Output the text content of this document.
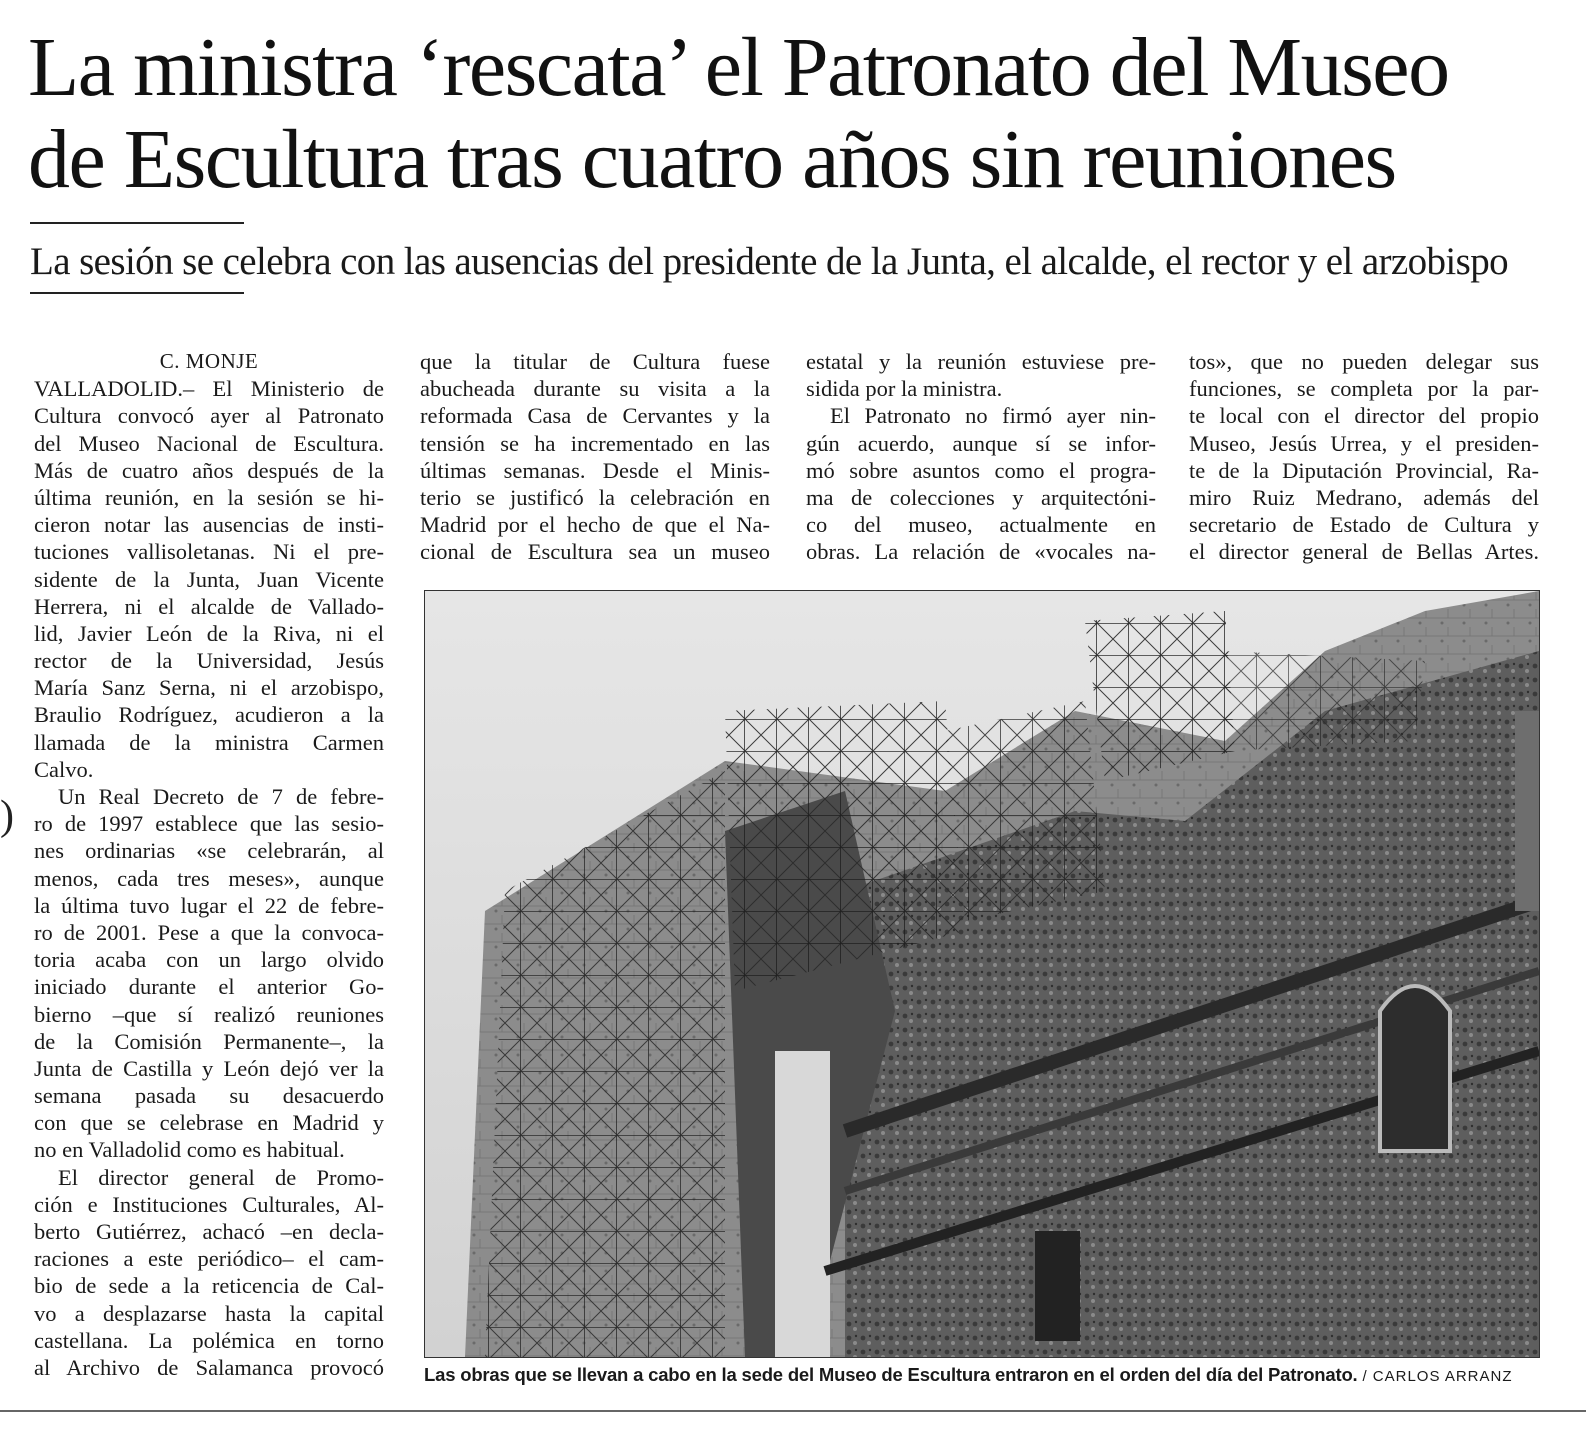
La ministra ‘rescata’ el Patronato del Museo
de Escultura tras cuatro años sin reuniones
La sesión se celebra con las ausencias del presidente de la Junta, el alcalde, el rector y el arzobispo
)
C. MONJE
VALLADOLID.– El Ministerio de
Cultura convocó ayer al Patronato
del Museo Nacional de Escultura.
Más de cuatro años después de la
última reunión, en la sesión se hi-
cieron notar las ausencias de insti-
tuciones vallisoletanas. Ni el pre-
sidente de la Junta, Juan Vicente
Herrera, ni el alcalde de Vallado-
lid, Javier León de la Riva, ni el
rector de la Universidad, Jesús
María Sanz Serna, ni el arzobispo,
Braulio Rodríguez, acudieron a la
llamada de la ministra Carmen
Calvo.
Un Real Decreto de 7 de febre-
ro de 1997 establece que las sesio-
nes ordinarias «se celebrarán, al
menos, cada tres meses», aunque
la última tuvo lugar el 22 de febre-
ro de 2001. Pese a que la convoca-
toria acaba con un largo olvido
iniciado durante el anterior Go-
bierno –que sí realizó reuniones
de la Comisión Permanente–, la
Junta de Castilla y León dejó ver la
semana pasada su desacuerdo
con que se celebrase en Madrid y
no en Valladolid como es habitual.
El director general de Promo-
ción e Instituciones Culturales, Al-
berto Gutiérrez, achacó –en decla-
raciones a este periódico– el cam-
bio de sede a la reticencia de Cal-
vo a desplazarse hasta la capital
castellana. La polémica en torno
al Archivo de Salamanca provocó
que la titular de Cultura fuese
abucheada durante su visita a la
reformada Casa de Cervantes y la
tensión se ha incrementado en las
últimas semanas. Desde el Minis-
terio se justificó la celebración en
Madrid por el hecho de que el Na-
cional de Escultura sea un museo
estatal y la reunión estuviese pre-
sidida por la ministra.
El Patronato no firmó ayer nin-
gún acuerdo, aunque sí se infor-
mó sobre asuntos como el progra-
ma de colecciones y arquitectóni-
co del museo, actualmente en
obras. La relación de «vocales na-
tos», que no pueden delegar sus
funciones, se completa por la par-
te local con el director del propio
Museo, Jesús Urrea, y el presiden-
te de la Diputación Provincial, Ra-
miro Ruiz Medrano, además del
secretario de Estado de Cultura y
el director general de Bellas Artes.
Las obras que se llevan a cabo en la sede del Museo de Escultura entraron en el orden del día del Patronato. / CARLOS ARRANZ
